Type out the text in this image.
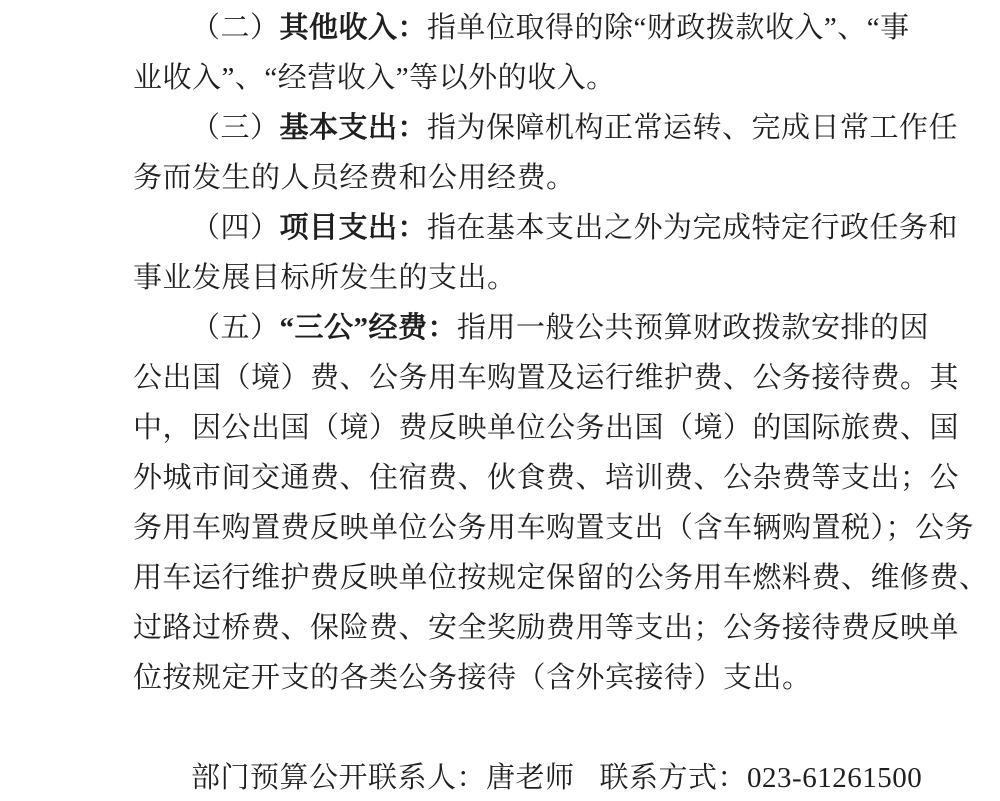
（二）其他收入：指单位取得的除“财政拨款收入”、“事
业收入”、“经营收入”等以外的收入。
（三）基本支出：指为保障机构正常运转、完成日常工作任
务而发生的人员经费和公用经费。
（四）项目支出：指在基本支出之外为完成特定行政任务和
事业发展目标所发生的支出。
（五）“三公”经费：指用一般公共预算财政拨款安排的因
公出国（境）费、公务用车购置及运行维护费、公务接待费。其
中，因公出国（境）费反映单位公务出国（境）的国际旅费、国
外城市间交通费、住宿费、伙食费、培训费、公杂费等支出；公
务用车购置费反映单位公务用车购置支出（含车辆购置税）；公务
用车运行维护费反映单位按规定保留的公务用车燃料费、维修费、
过路过桥费、保险费、安全奖励费用等支出；公务接待费反映单
位按规定开支的各类公务接待（含外宾接待）支出。
部门预算公开联系人：唐老师 联系方式：023-61261500
